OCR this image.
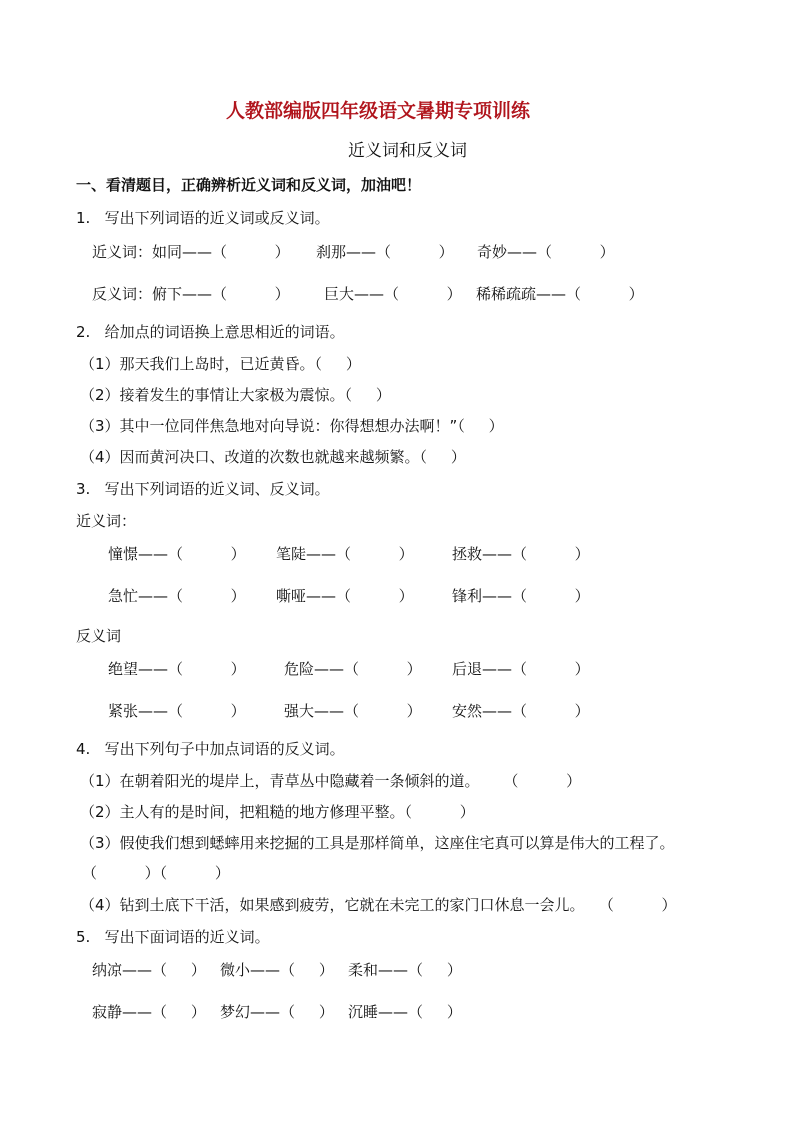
人教部编版四年级语文暑期专项训练
近义词和反义词
一、看清题目，正确辨析近义词和反义词，加油吧！
1.   写出下列词语的近义词或反义词。
近义词：如同——（          ） 刹那——（          ） 奇妙——（          ）
反义词：俯下——（          ） 巨大——（          ） 稀稀疏疏——（          ）
2.   给加点的词语换上意思相近的词语。
（1）那天我们上岛时，已近黄昏。（     ）
（2）接着发生的事情让大家极为震惊。（     ）
（3）其中一位同伴焦急地对向导说：你得想想办法啊！”（     ）
（4）因而黄河决口、改道的次数也就越来越频繁。（     ）
3.   写出下列词语的近义词、反义词。
近义词：
憧憬——（          ） 笔陡——（          ）	拯救——（          ）
急忙——（          ） 嘶哑——（          ）	锋利——（          ）
反义词
绝望——（          ）	危险——（          ） 后退——（          ）
紧张——（          ）	强大——（          ） 安然——（          ）
4.   写出下列句子中加点词语的反义词。
（1）在朝着阳光的堤岸上，青草丛中隐藏着一条倾斜的道。     （          ）
（2）主人有的是时间，把粗糙的地方修理平整。（          ）
（3）假使我们想到蟋蟀用来挖掘的工具是那样简单，这座住宅真可以算是伟大的工程了。
（          ）（          ）
（4）钻到土底下干活，如果感到疲劳，它就在未完工的家门口休息一会儿。   （          ）
5.   写出下面词语的近义词。
纳凉——（     ） 微小——（     ） 柔和——（     ）
寂静——（     ） 梦幻——（     ） 沉睡——（     ）
